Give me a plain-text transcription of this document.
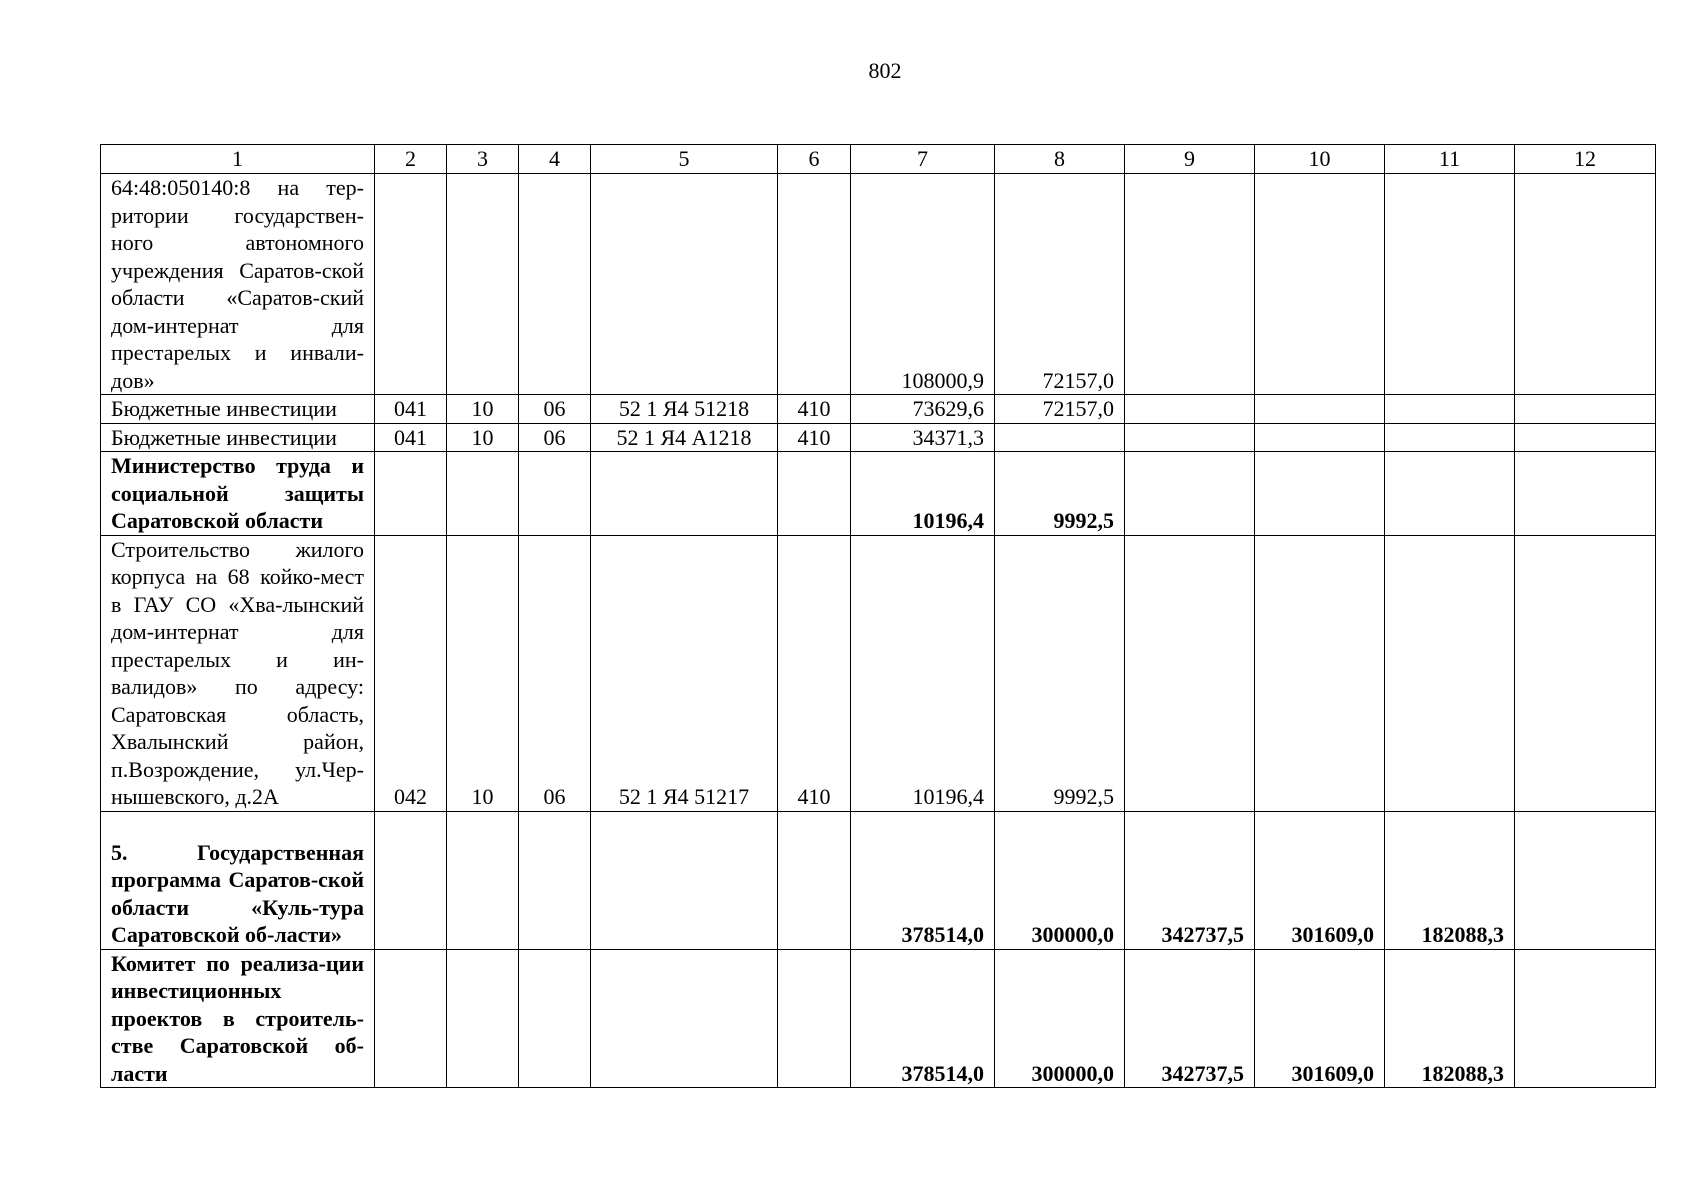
802
1	2	3	4	5	6	7	8	9	10	11	12
64:48:050140:8 на тер-ритории государствен-ного автономного учреждения Саратов-ской области «Саратов-ский дом-интернат для престарелых и инвали-дов»						108000,9	72157,0				
Бюджетные инвестиции	041	10	06	52 1 Я4 51218	410	73629,6	72157,0				
Бюджетные инвестиции	041	10	06	52 1 Я4 А1218	410	34371,3					
Министерство труда и социальной защиты Саратовской области						10196,4	9992,5				
Строительство жилого корпуса на 68 койко-мест в ГАУ СО «Хва-лынский дом-интернат для престарелых и ин-валидов» по адресу: Саратовская область, Хвалынский район, п.Возрождение, ул.Чер-нышевского, д.2А	042	10	06	52 1 Я4 51217	410	10196,4	9992,5				
5. Государственная программа Саратов-ской области «Куль-тура Саратовской об-ласти»						378514,0	300000,0	342737,5	301609,0	182088,3	
Комитет по реализа-ции инвестиционных проектов в строитель-стве Саратовской об-ласти						378514,0	300000,0	342737,5	301609,0	182088,3	
